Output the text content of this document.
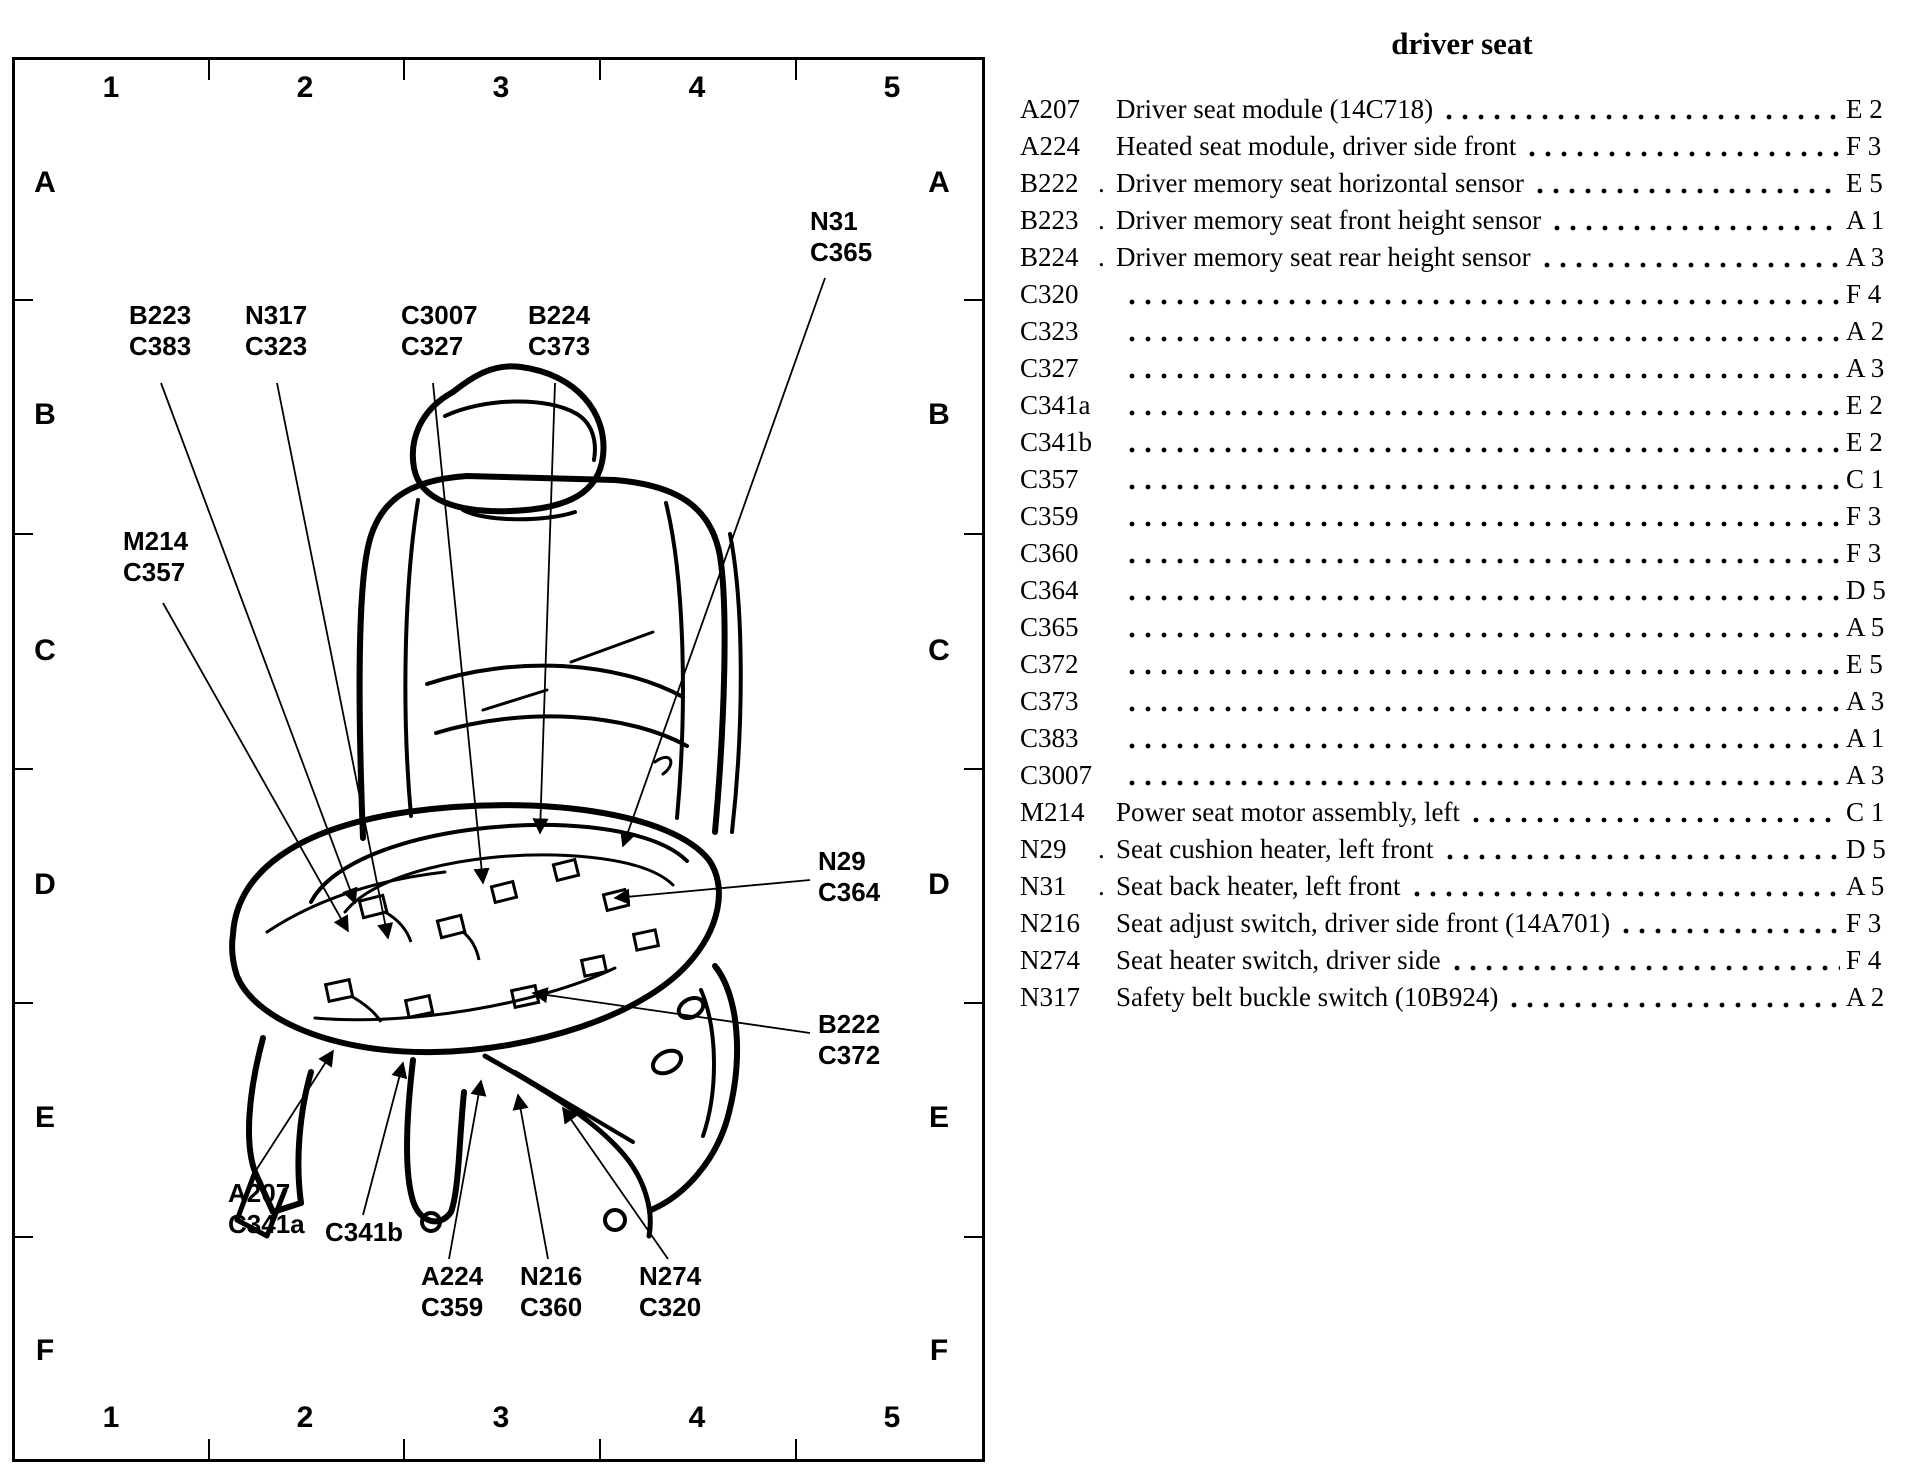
1
1
2
2
3
3
4
4
5
5
A	A
B	B
C	C
D	D
E	E
F	F
B223
C383
N317
C323
C3007
C327
B224
C373
N31
C365
M214
C357
N29
C364
B222
C372
A207
C341a C341b
A224
C359
N216
C360
N274
C320
driver seat
A207	Driver seat module (14C718)	E 2
A224	Heated seat module, driver side front	F 3
B222 . Driver memory seat horizontal sensor	E 5
B223 . Driver memory seat front height sensor	A 1
B224 . Driver memory seat rear height sensor	A 3
C320	F 4
C323	A 2
C327	A 3
C341a	E 2
C341b	E 2
C357	C 1
C359	F 3
C360	F 3
C364	D 5
C365	A 5
C372	E 5
C373	A 3
C383	A 1
C3007	A 3
M214	Power seat motor assembly, left	C 1
N29	. Seat cushion heater, left front	D 5
N31	. Seat back heater, left front	A 5
N216	Seat adjust switch, driver side front (14A701)	F 3
N274	Seat heater switch, driver side	F 4
N317	Safety belt buckle switch (10B924)	A 2
